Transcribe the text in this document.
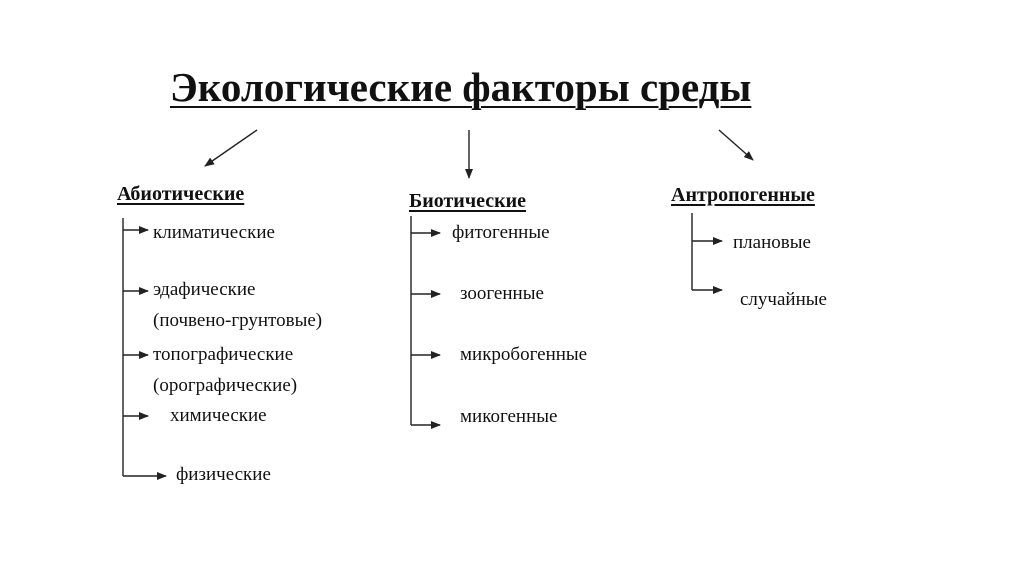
Экологические факторы среды
Абиотические
климатические
эдафические
(почвено-грунтовые)
топографические
(орографические)
химические
физические
Биотические
фитогенные
зоогенные
микробогенные
микогенные
Антропогенные
плановые
случайные
